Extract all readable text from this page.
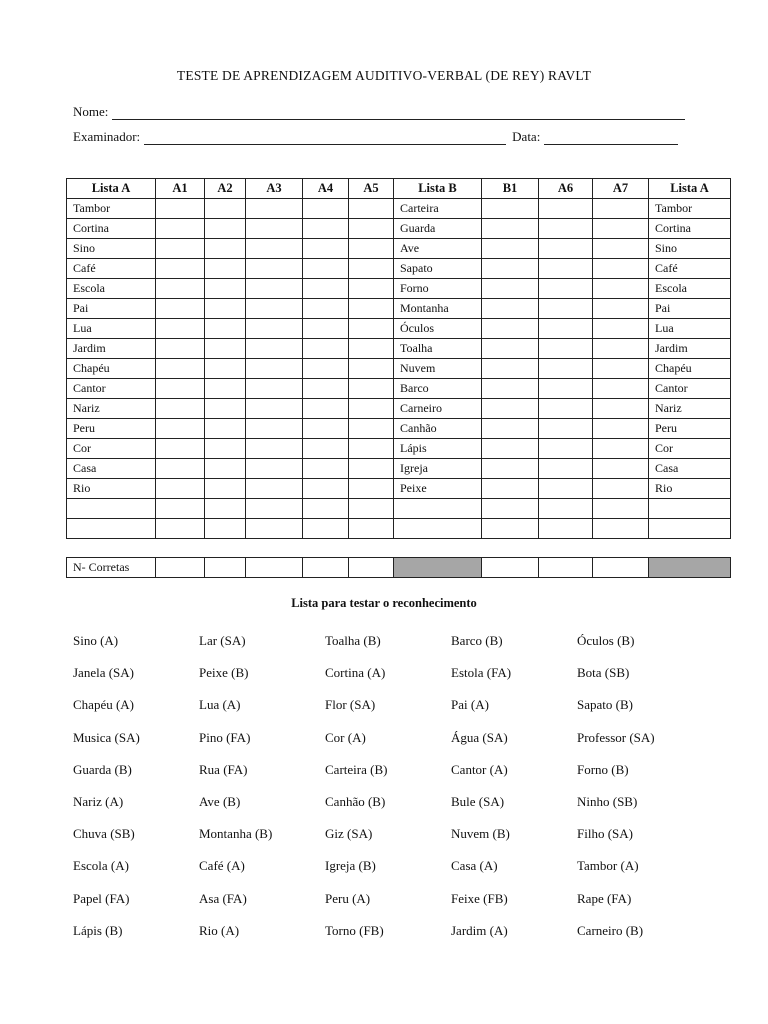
TESTE DE APRENDIZAGEM AUDITIVO-VERBAL (DE REY) RAVLT
Nome:
Examinador:	Data:
Lista A	A1	A2	A3	A4	A5	Lista B	B1	A6	A7	Lista A
Tambor						Carteira				Tambor
Cortina						Guarda				Cortina
Sino						Ave				Sino
Café						Sapato				Café
Escola						Forno				Escola
Pai						Montanha				Pai
Lua						Óculos				Lua
Jardim						Toalha				Jardim
Chapéu						Nuvem				Chapéu
Cantor						Barco				Cantor
Nariz						Carneiro				Nariz
Peru						Canhão				Peru
Cor						Lápis				Cor
Casa						Igreja				Casa
Rio						Peixe				Rio

N- Corretas										
Lista para testar o reconhecimento
Sino (A)	Lar (SA)	Toalha (B)	Barco (B)	Óculos (B)
Janela (SA)	Peixe (B)	Cortina (A)	Estola (FA)	Bota (SB)
Chapéu (A)	Lua (A)	Flor (SA)	Pai (A)	Sapato (B)
Musica (SA)	Pino (FA)	Cor (A)	Água (SA)	Professor (SA)
Guarda (B)	Rua (FA)	Carteira (B)	Cantor (A)	Forno (B)
Nariz (A)	Ave (B)	Canhão (B)	Bule (SA)	Ninho (SB)
Chuva (SB)	Montanha (B)	Giz (SA)	Nuvem (B)	Filho (SA)
Escola (A)	Café (A)	Igreja (B)	Casa (A)	Tambor (A)
Papel (FA)	Asa (FA)	Peru (A)	Feixe (FB)	Rape (FA)
Lápis (B)	Rio (A)	Torno (FB)	Jardim (A)	Carneiro (B)
